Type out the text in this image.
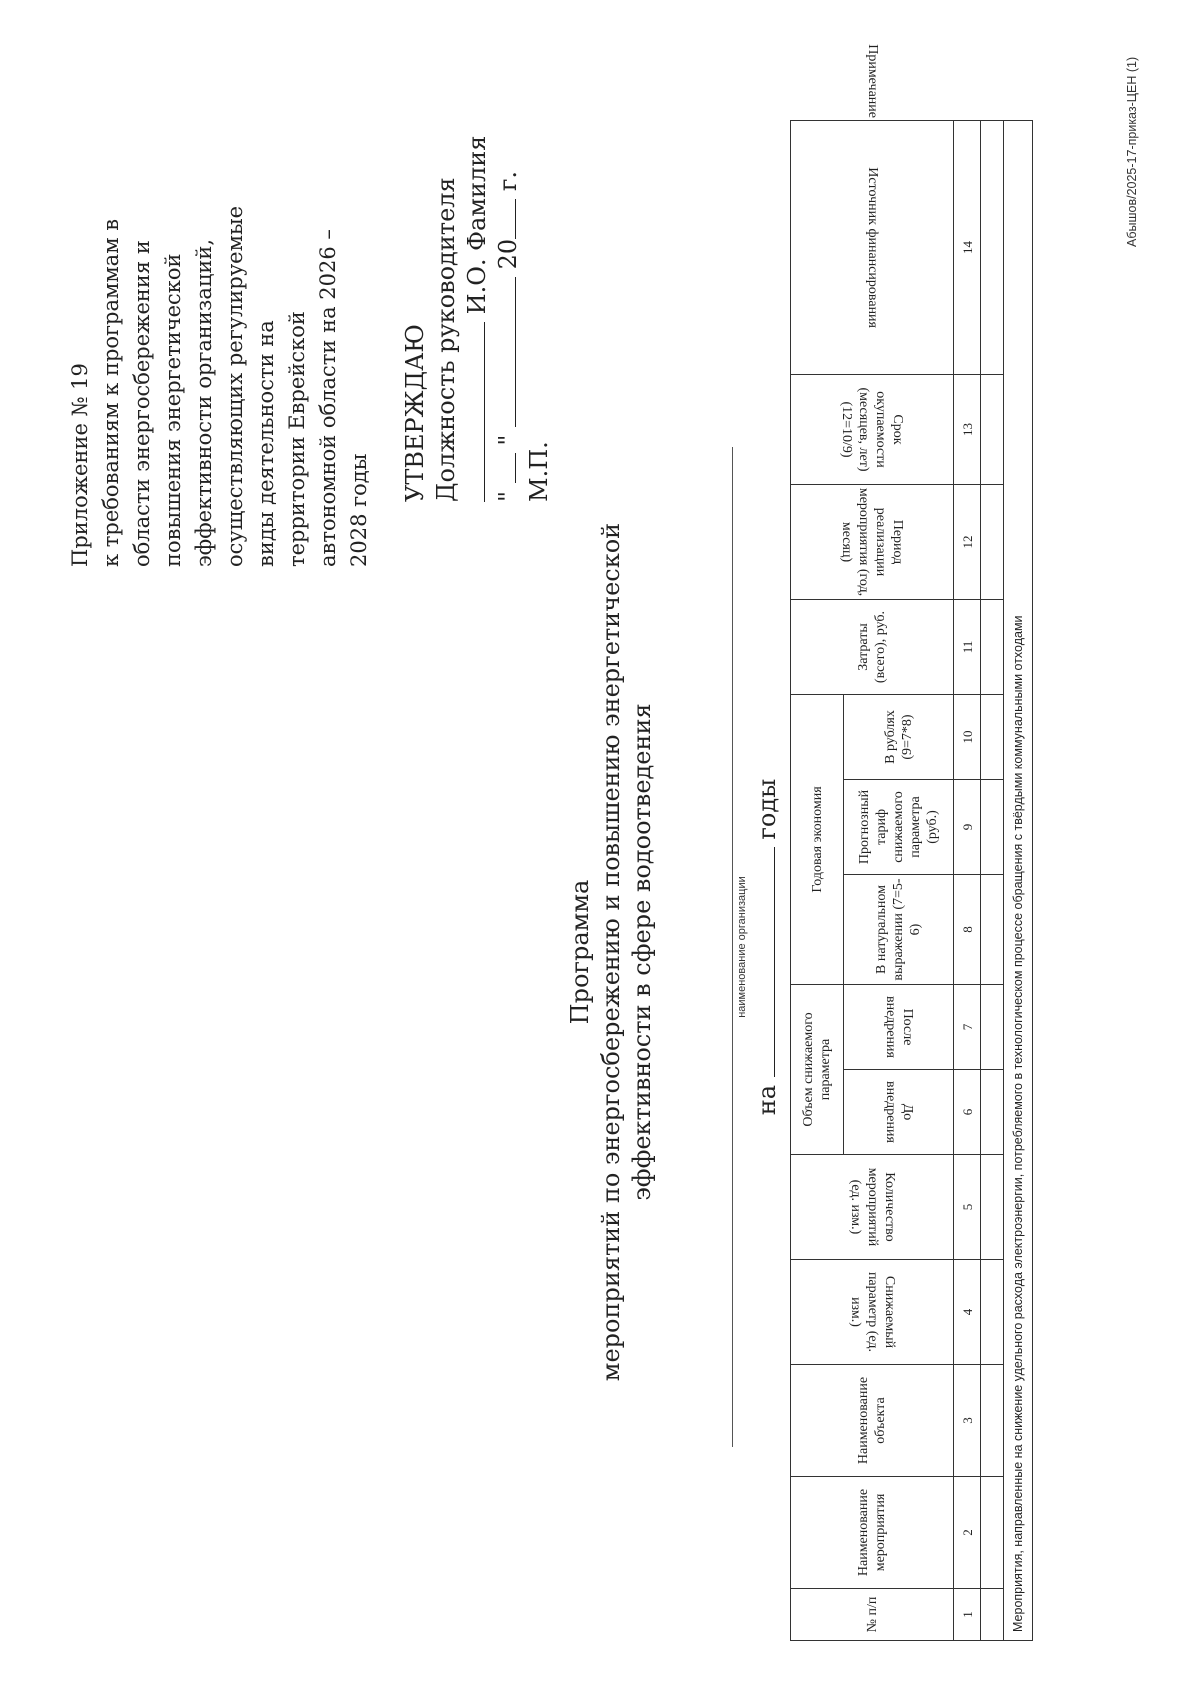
Приложение № 19 к требованиям к программам в области энергосбережения и повышения энергетической эффективности организаций, осуществляющих регулируемые виды деятельности на территории Еврейской автономной области на 2026 – 2028 годы
УТВЕРЖДАЮ Должность руководителя И.О. Фамилия
"  "  20 г.
М.П.
Программа мероприятий по энергосбережению и повышению энергетической эффективности в сфере водоотведения	наименование организации
на  годы
№ п/п	Наименование мероприятия	Наименование объекта	Снижаемый параметр (ед. изм.)	Количество мероприятий (ед. изм.)	Объем снижаемого параметра		Годовая экономия			Затраты (всего), руб.	Период реализации мероприятия (год, месяц)	Срок окупаемости (месяцев, лет) (12=10/9)	Источник финансирования	Примечание
					До внедрения	После внедрения	В натуральном выражении (7=5-6)	Прогнозный тариф снижаемого параметра (руб.)	В рублях (9=7*8)					
1	2	3	4	5	6	7	8	9	10	11	12	13	14	

Мероприятия, направленные на снижение удельного расхода электроэнергии, потребляемого в технологическом процессе обращения с твёрдыми коммунальными отходами														
Абышов/2025-17-приказ-ЦЕН (1)
